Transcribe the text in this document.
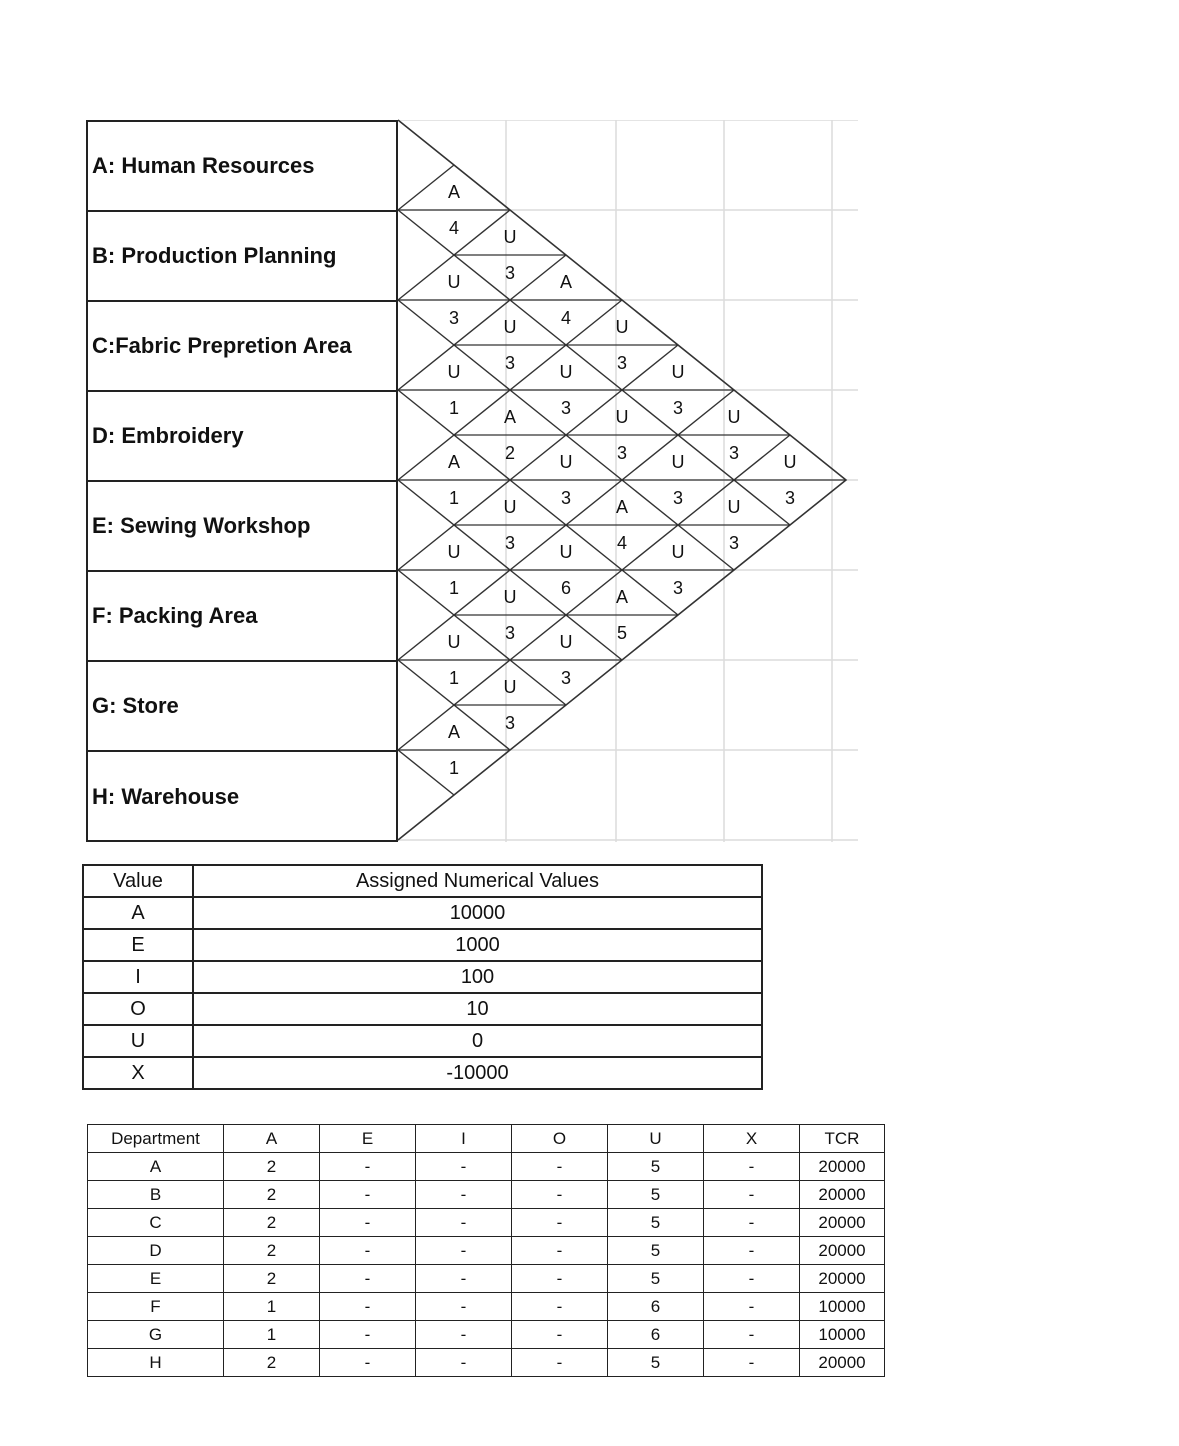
A: Human Resources
B: Production Planning
C:Fabric Prepretion Area
D: Embroidery
E: Sewing Workshop
F: Packing Area
G: Store
H: Warehouse
A
4 U
3 A
4 U
3 U
3 U
3 U
3
U
3 U
3 U
3 U
3 U
3 U
3
U
1 A
2 U
3 A
4 U
3
A
1 U
3 U
6 A
5
U
1 U
3 U
3
U
1 U
3
A
1
Value	Assigned Numerical Values
A	10000
E	1000
I	100
O	10
U	0
X	-10000
Department	A	E	I	O	U	X	TCR
A	2	-	-	-	5	-	20000
B	2	-	-	-	5	-	20000
C	2	-	-	-	5	-	20000
D	2	-	-	-	5	-	20000
E	2	-	-	-	5	-	20000
F	1	-	-	-	6	-	10000
G	1	-	-	-	6	-	10000
H	2	-	-	-	5	-	20000
